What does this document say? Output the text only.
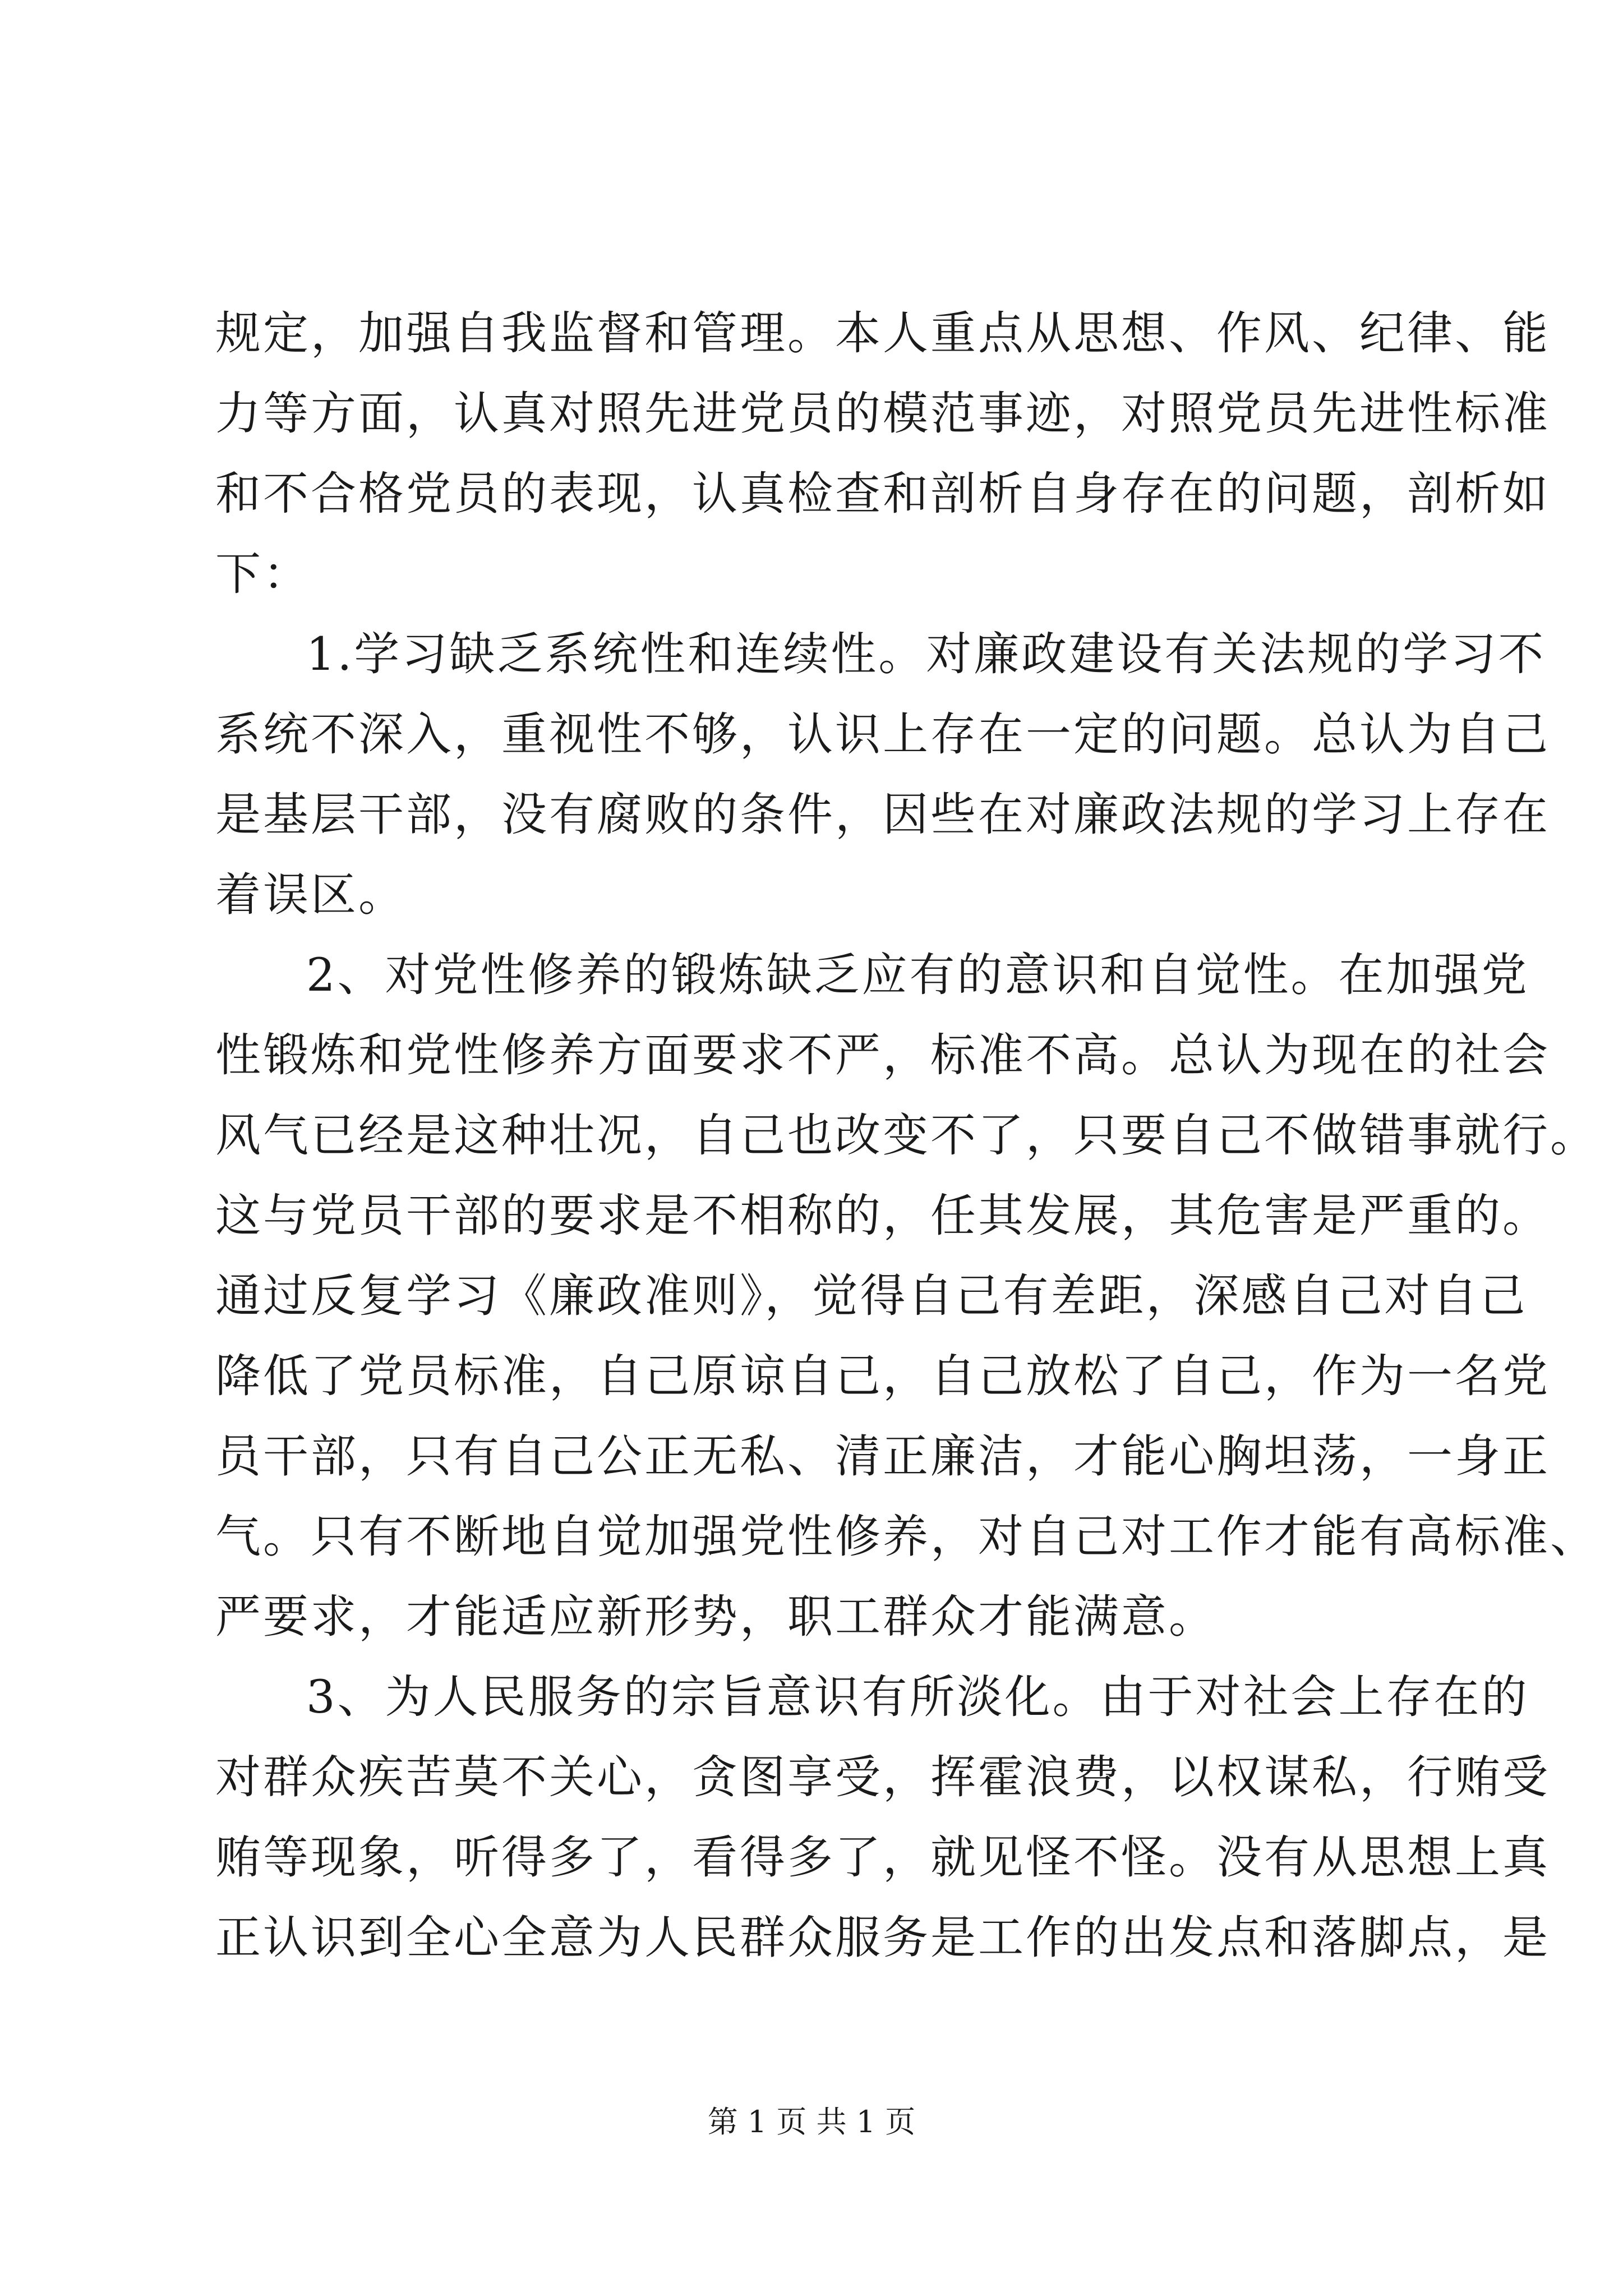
规定，加强自我监督和管理。本人重点从思想、作风、纪律、能
力等方面，认真对照先进党员的模范事迹，对照党员先进性标准
和不合格党员的表现，认真检查和剖析自身存在的问题，剖析如
下：
1.学习缺乏系统性和连续性。对廉政建设有关法规的学习不
系统不深入，重视性不够，认识上存在一定的问题。总认为自己
是基层干部，没有腐败的条件，因些在对廉政法规的学习上存在
着误区。
2、对党性修养的锻炼缺乏应有的意识和自觉性。在加强党
性锻炼和党性修养方面要求不严，标准不高。总认为现在的社会
风气已经是这种壮况，自己也改变不了，只要自己不做错事就行。
这与党员干部的要求是不相称的，任其发展，其危害是严重的。
通过反复学习《廉政准则》，觉得自己有差距，深感自己对自己
降低了党员标准，自己原谅自己，自己放松了自己，作为一名党
员干部，只有自己公正无私、清正廉洁，才能心胸坦荡，一身正
气。只有不断地自觉加强党性修养，对自己对工作才能有高标准、
严要求，才能适应新形势，职工群众才能满意。
3、为人民服务的宗旨意识有所淡化。由于对社会上存在的
对群众疾苦莫不关心，贪图享受，挥霍浪费，以权谋私，行贿受
贿等现象，听得多了，看得多了，就见怪不怪。没有从思想上真
正认识到全心全意为人民群众服务是工作的出发点和落脚点，是
第 1 页 共 1 页
